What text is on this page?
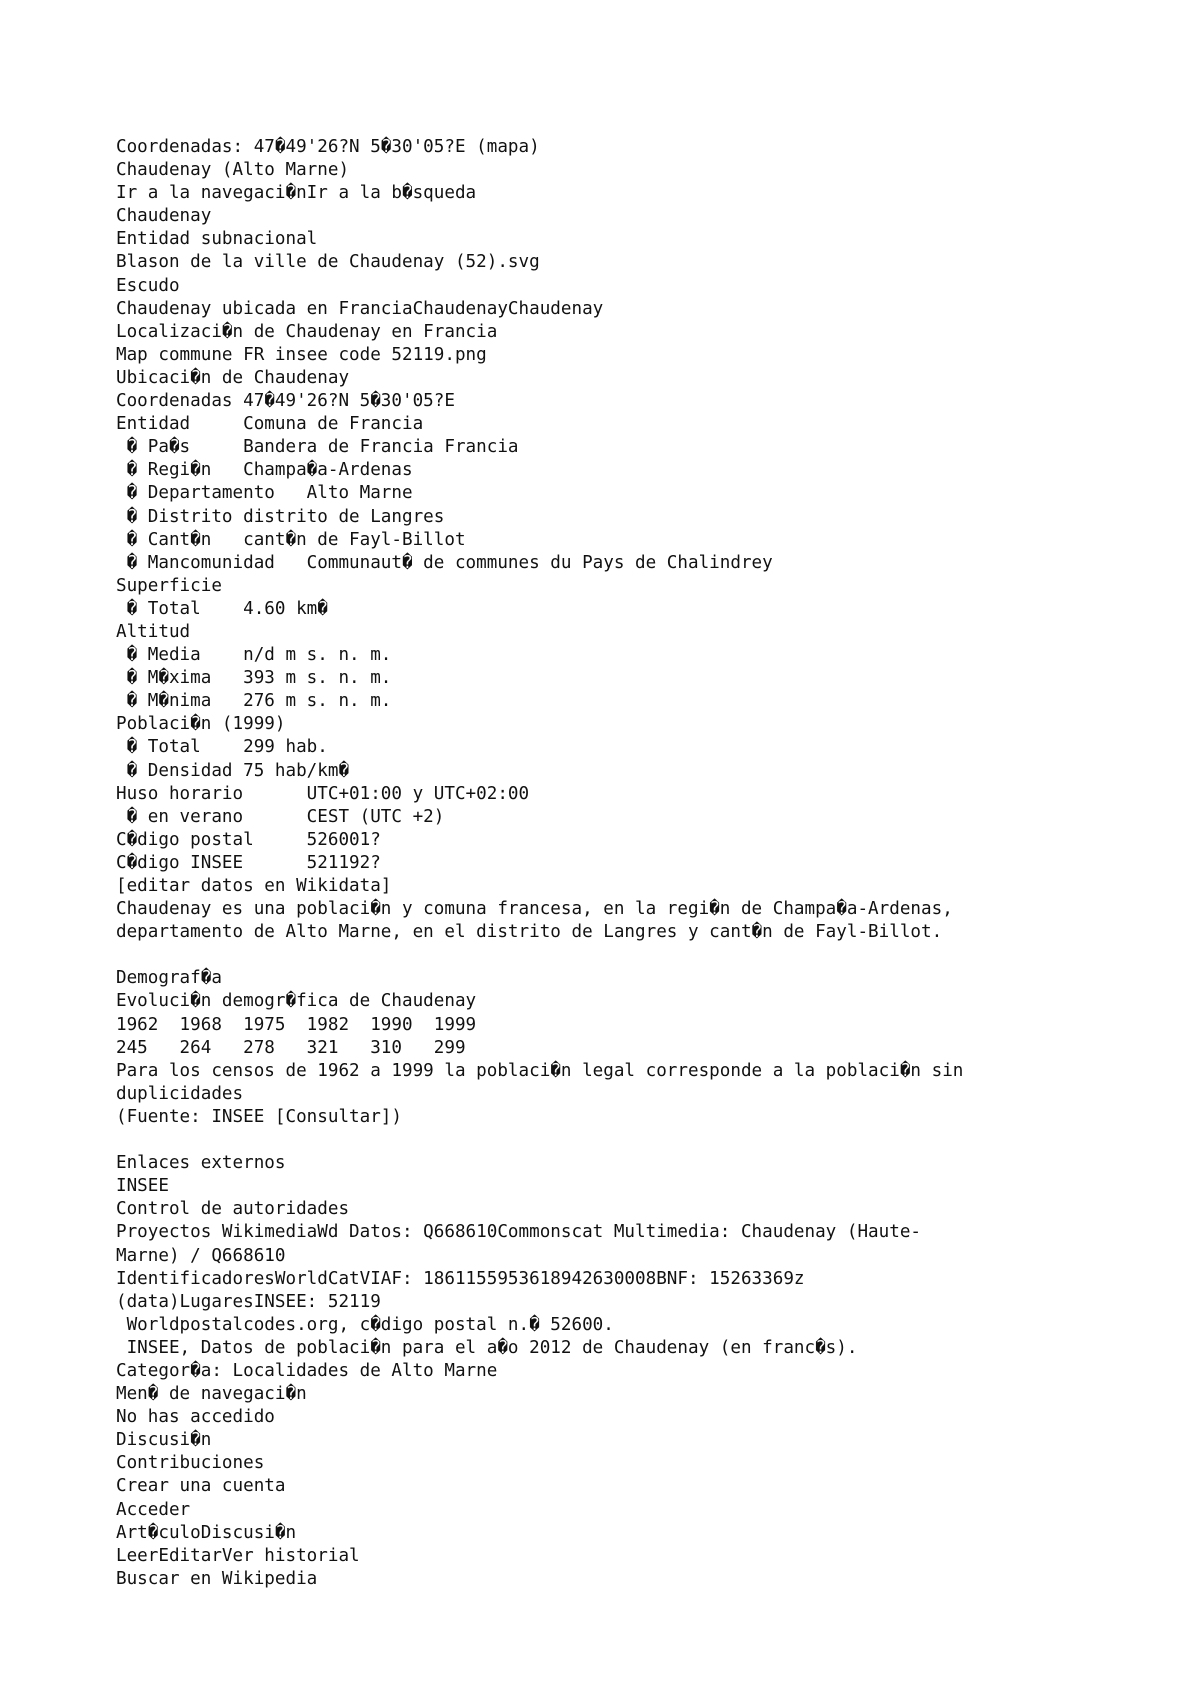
Coordenadas: 47�49'26?N 5�30'05?E (mapa)
Chaudenay (Alto Marne)
Ir a la navegaci�nIr a la b�squeda
Chaudenay
Entidad subnacional
Blason de la ville de Chaudenay (52).svg
Escudo
Chaudenay ubicada en FranciaChaudenayChaudenay
Localizaci�n de Chaudenay en Francia
Map commune FR insee code 52119.png
Ubicaci�n de Chaudenay
Coordenadas 47�49'26?N 5�30'05?E
Entidad     Comuna de Francia
� Pa�s     Bandera de Francia Francia
� Regi�n   Champa�a-Ardenas
� Departamento   Alto Marne
� Distrito distrito de Langres
� Cant�n   cant�n de Fayl-Billot
� Mancomunidad   Communaut� de communes du Pays de Chalindrey
Superficie
� Total    4.60 km�
Altitud
� Media    n/d m s. n. m.
� M�xima   393 m s. n. m.
� M�nima   276 m s. n. m.
Poblaci�n (1999)
� Total    299 hab.
� Densidad 75 hab/km�
Huso horario      UTC+01:00 y UTC+02:00
� en verano      CEST (UTC +2)
C�digo postal     526001?
C�digo INSEE      521192?
[editar datos en Wikidata]
Chaudenay es una poblaci�n y comuna francesa, en la regi�n de Champa�a-Ardenas,
departamento de Alto Marne, en el distrito de Langres y cant�n de Fayl-Billot.
Demograf�a
Evoluci�n demogr�fica de Chaudenay
1962  1968  1975  1982  1990  1999
245   264   278   321   310   299
Para los censos de 1962 a 1999 la poblaci�n legal corresponde a la poblaci�n sin
duplicidades
(Fuente: INSEE [Consultar])
Enlaces externos
INSEE
Control de autoridades
Proyectos WikimediaWd Datos: Q668610Commonscat Multimedia: Chaudenay (Haute-
Marne) / Q668610
IdentificadoresWorldCatVIAF: 1861155953618942630008BNF: 15263369z
(data)LugaresINSEE: 52119
Worldpostalcodes.org, c�digo postal n.� 52600.
INSEE, Datos de poblaci�n para el a�o 2012 de Chaudenay (en franc�s).
Categor�a: Localidades de Alto Marne
Men� de navegaci�n
No has accedido
Discusi�n
Contribuciones
Crear una cuenta
Acceder
Art�culoDiscusi�n
LeerEditarVer historial
Buscar en Wikipedia
